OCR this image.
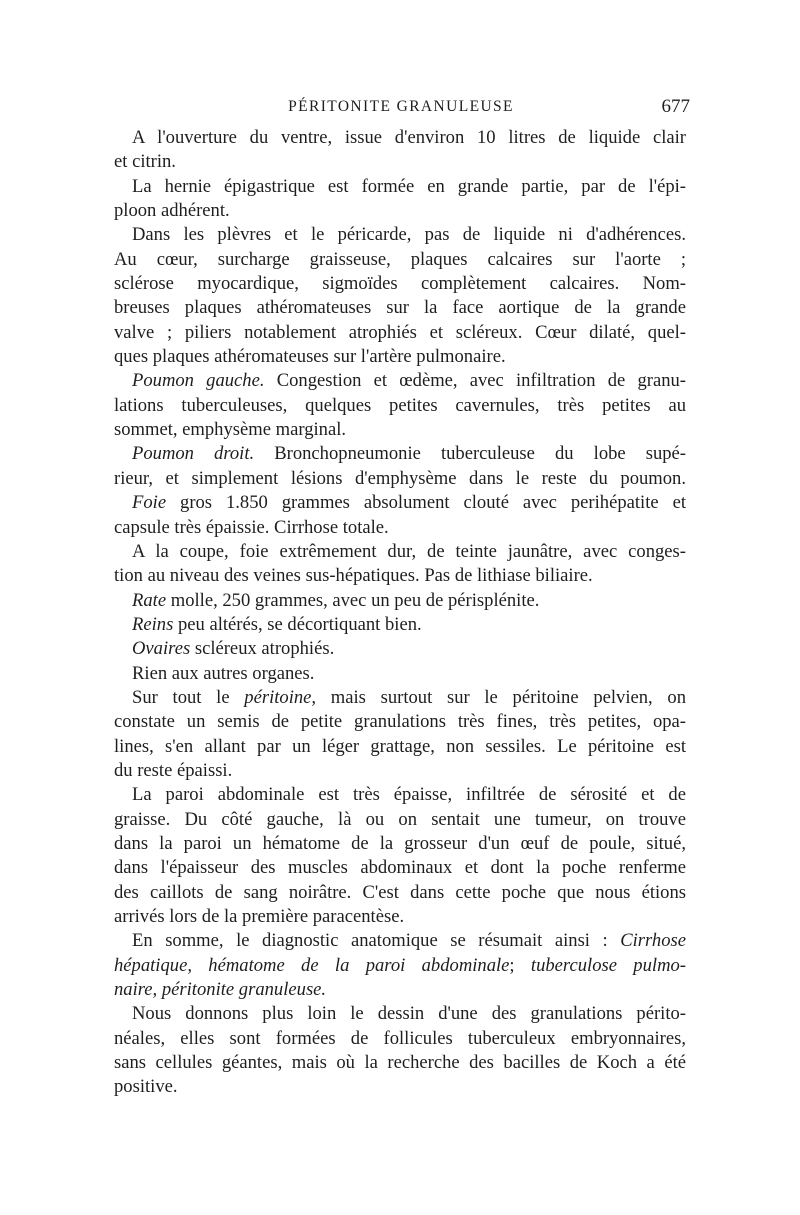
PÉRITONITE GRANULEUSE	677
A l'ouverture du ventre, issue d'environ 10 litres de liquide clair
et citrin.
La hernie épigastrique est formée en grande partie, par de l'épi-
ploon adhérent.
Dans les plèvres et le péricarde, pas de liquide ni d'adhérences.
Au cœur, surcharge graisseuse, plaques calcaires sur l'aorte ;
sclérose myocardique, sigmoïdes complètement calcaires. Nom-
breuses plaques athéromateuses sur la face aortique de la grande
valve ; piliers notablement atrophiés et scléreux. Cœur dilaté, quel-
ques plaques athéromateuses sur l'artère pulmonaire.
Poumon gauche. Congestion et œdème, avec infiltration de granu-
lations tuberculeuses, quelques petites cavernules, très petites au
sommet, emphysème marginal.
Poumon droit. Bronchopneumonie tuberculeuse du lobe supé-
rieur, et simplement lésions d'emphysème dans le reste du poumon.
Foie gros 1.850 grammes absolument clouté avec perihépatite et
capsule très épaissie. Cirrhose totale.
A la coupe, foie extrêmement dur, de teinte jaunâtre, avec conges-
tion au niveau des veines sus-hépatiques. Pas de lithiase biliaire.
Rate molle, 250 grammes, avec un peu de périsplénite.
Reins peu altérés, se décortiquant bien.
Ovaires scléreux atrophiés.
Rien aux autres organes.
Sur tout le péritoine, mais surtout sur le péritoine pelvien, on
constate un semis de petite granulations très fines, très petites, opa-
lines, s'en allant par un léger grattage, non sessiles. Le péritoine est
du reste épaissi.
La paroi abdominale est très épaisse, infiltrée de sérosité et de
graisse. Du côté gauche, là ou on sentait une tumeur, on trouve
dans la paroi un hématome de la grosseur d'un œuf de poule, situé,
dans l'épaisseur des muscles abdominaux et dont la poche renferme
des caillots de sang noirâtre. C'est dans cette poche que nous étions
arrivés lors de la première paracentèse.
En somme, le diagnostic anatomique se résumait ainsi : Cirrhose
hépatique, hématome de la paroi abdominale; tuberculose pulmo-
naire, péritonite granuleuse.
Nous donnons plus loin le dessin d'une des granulations périto-
néales, elles sont formées de follicules tuberculeux embryonnaires,
sans cellules géantes, mais où la recherche des bacilles de Koch a été
positive.
